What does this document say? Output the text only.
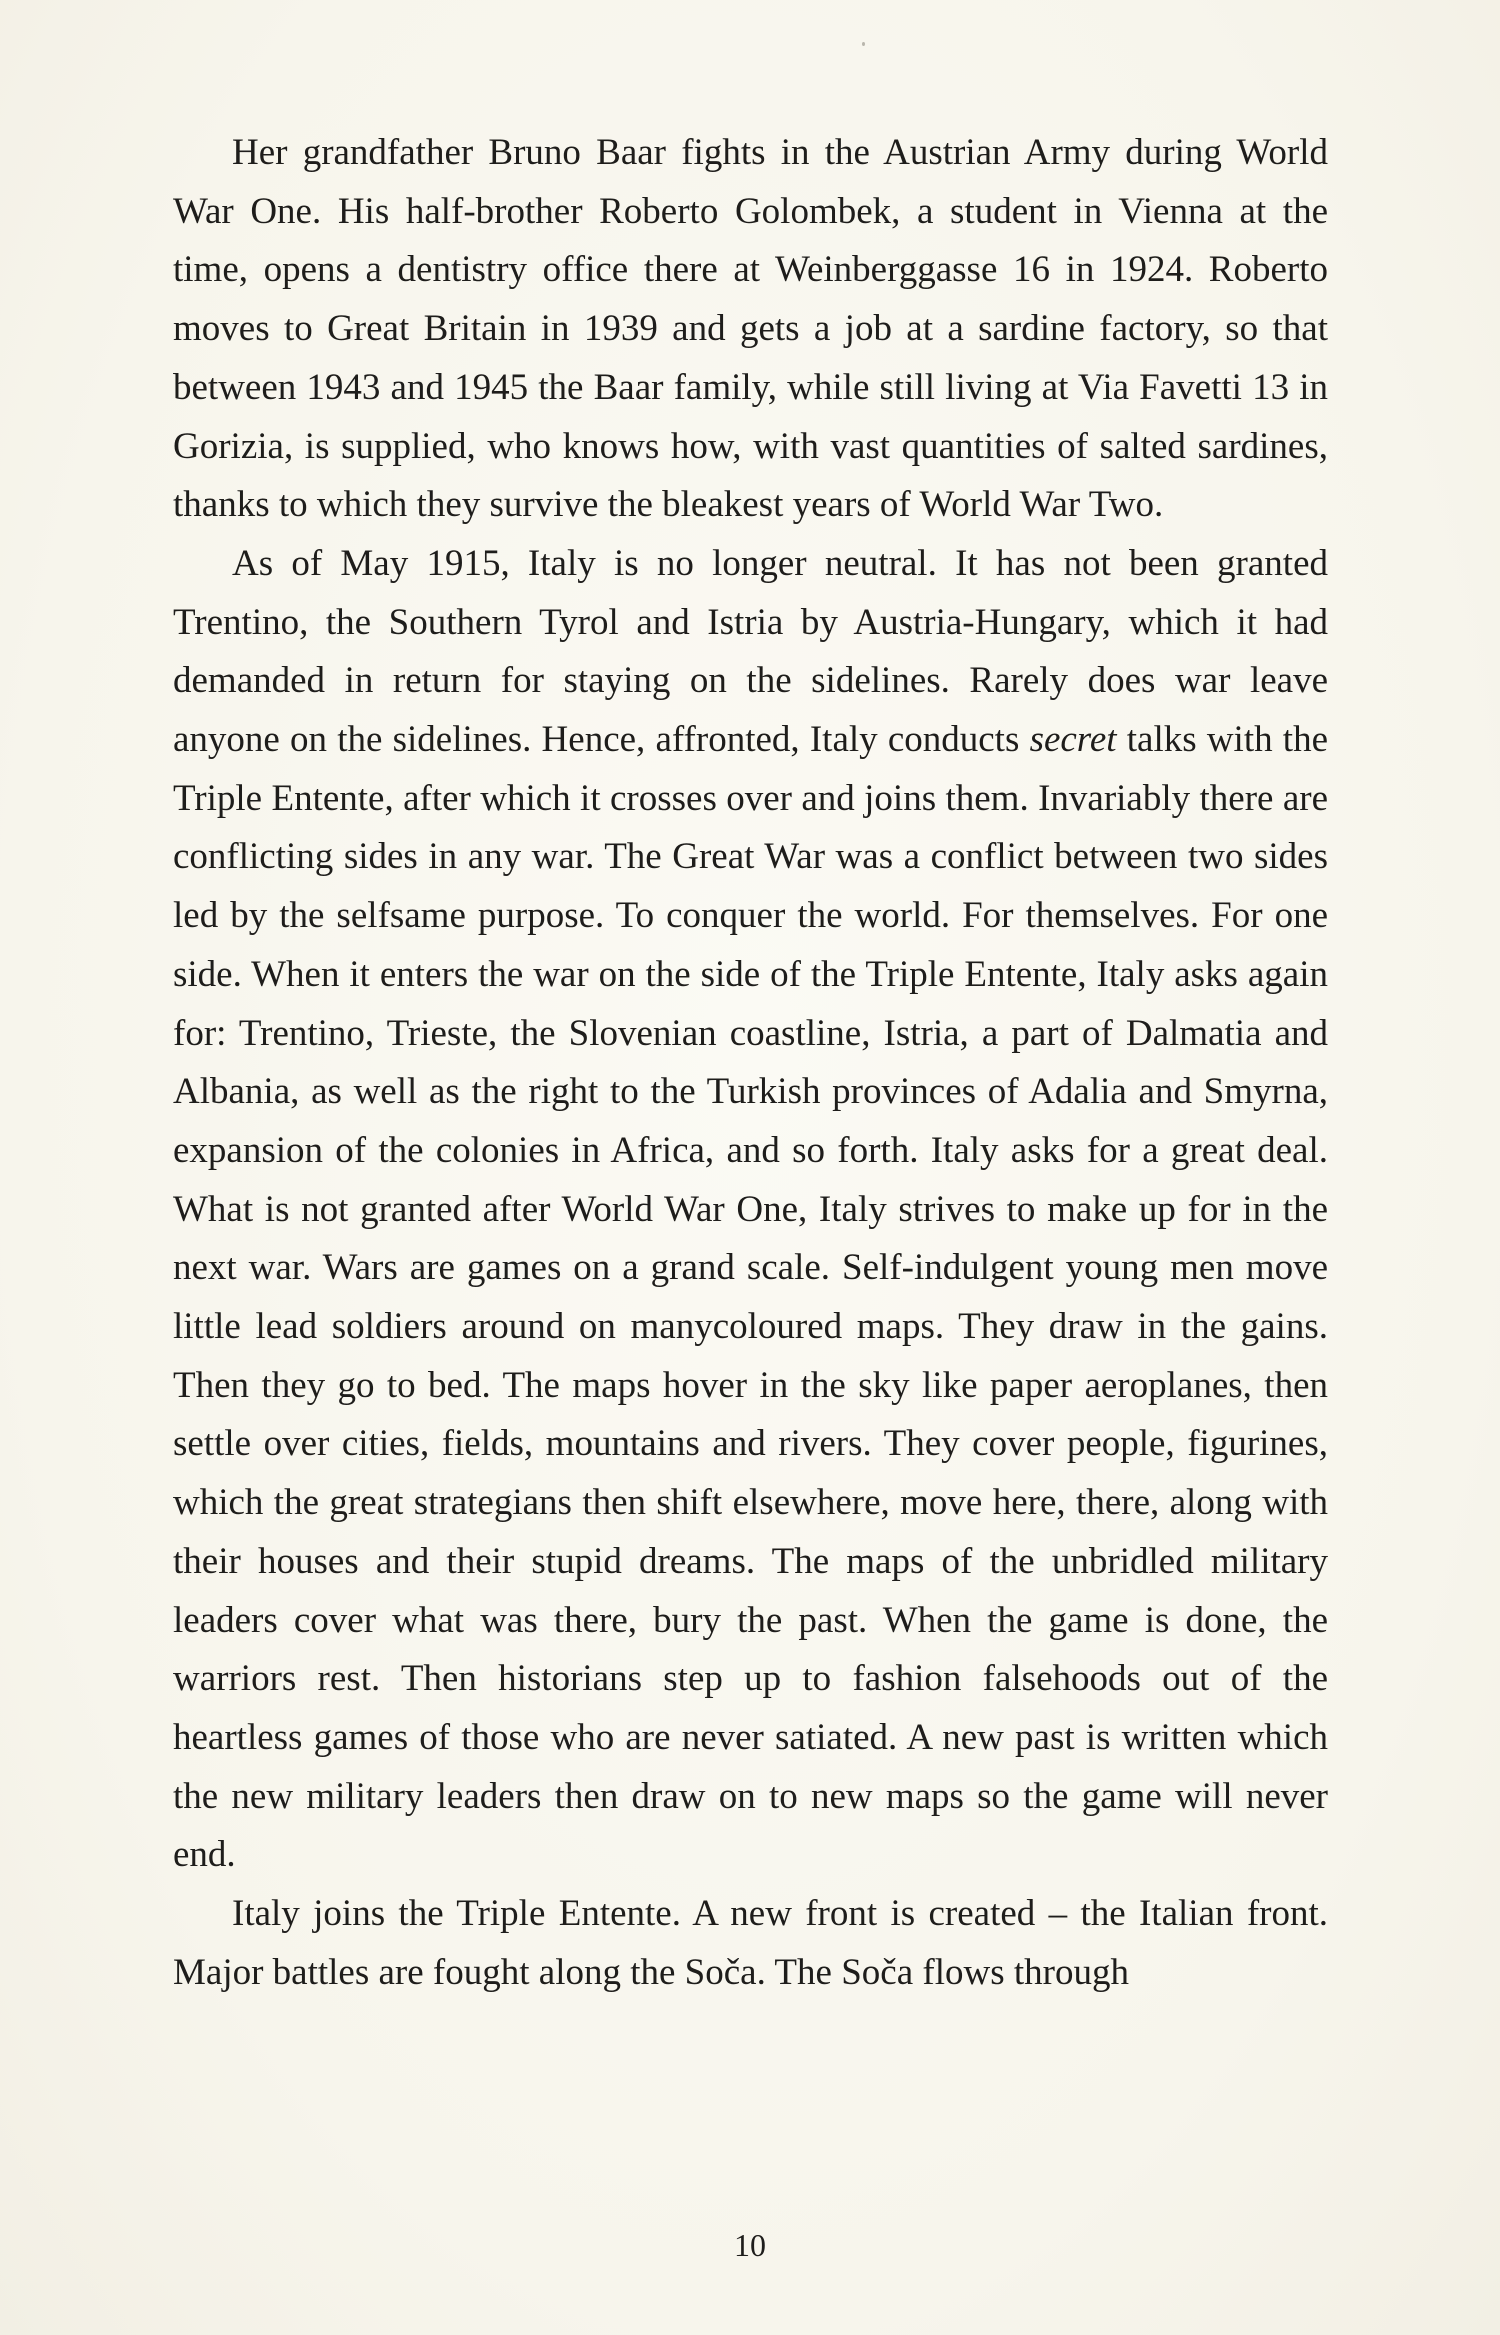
Her grandfather Bruno Baar fights in the Austrian Army during World War One. His half-brother Roberto Golombek, a student in Vienna at the time, opens a dentistry office there at Weinberggasse 16 in 1924. Roberto moves to Great Britain in 1939 and gets a job at a sardine factory, so that between 1943 and 1945 the Baar family, while still living at Via Favetti 13 in Gorizia, is supplied, who knows how, with vast quantities of salted sardines, thanks to which they survive the bleakest years of World War Two.

As of May 1915, Italy is no longer neutral. It has not been granted Trentino, the Southern Tyrol and Istria by Austria-Hungary, which it had demanded in return for staying on the sidelines. Rarely does war leave anyone on the sidelines. Hence, affronted, Italy conducts secret talks with the Triple Entente, after which it crosses over and joins them. Invariably there are conflicting sides in any war. The Great War was a conflict between two sides led by the selfsame purpose. To conquer the world. For themselves. For one side. When it enters the war on the side of the Triple Entente, Italy asks again for: Trentino, Trieste, the Slovenian coastline, Istria, a part of Dalmatia and Albania, as well as the right to the Turkish provinces of Adalia and Smyrna, expansion of the colonies in Africa, and so forth. Italy asks for a great deal. What is not granted after World War One, Italy strives to make up for in the next war. Wars are games on a grand scale. Self-indulgent young men move little lead soldiers around on manycoloured maps. They draw in the gains. Then they go to bed. The maps hover in the sky like paper aeroplanes, then settle over cities, fields, mountains and rivers. They cover people, figurines, which the great strategians then shift elsewhere, move here, there, along with their houses and their stupid dreams. The maps of the unbridled military leaders cover what was there, bury the past. When the game is done, the warriors rest. Then historians step up to fashion falsehoods out of the heartless games of those who are never satiated. A new past is written which the new military leaders then draw on to new maps so the game will never end.

Italy joins the Triple Entente. A new front is created – the Italian front. Major battles are fought along the Soča. The Soča flows through

10
